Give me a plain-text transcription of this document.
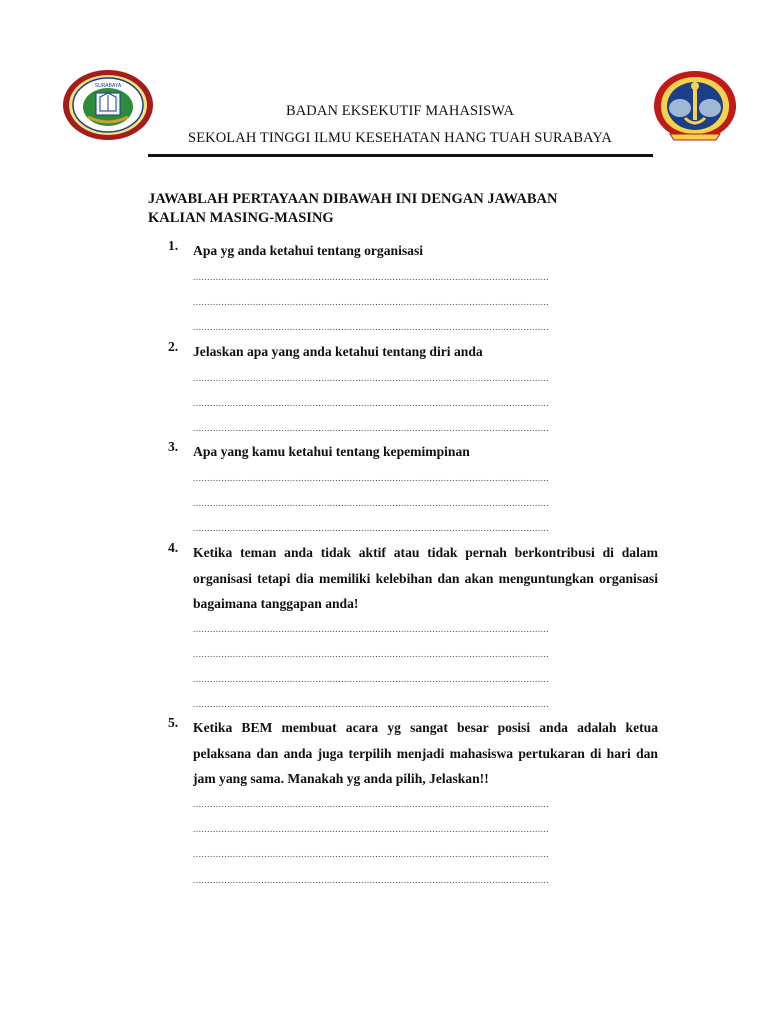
SURABAYA
BADAN EKSEKUTIF MAHASISWA
SEKOLAH TINGGI ILMU KESEHATAN HANG TUAH SURABAYA
JAWABLAH PERTAYAAN DIBAWAH INI DENGAN JAWABAN
KALIAN MASING-MASING
1.	Apa yg anda ketahui tentang organisasi
.............................................................................................................................
.............................................................................................................................
.............................................................................................................................
2.	Jelaskan apa yang anda ketahui tentang diri anda
.............................................................................................................................
.............................................................................................................................
.............................................................................................................................
3.	Apa yang kamu ketahui tentang kepemimpinan
.............................................................................................................................
.............................................................................................................................
.............................................................................................................................
4.	Ketika teman anda tidak aktif atau tidak pernah berkontribusi di dalam organisasi tetapi dia memiliki kelebihan dan akan menguntungkan organisasi bagaimana tanggapan anda!
.............................................................................................................................
.............................................................................................................................
.............................................................................................................................
.............................................................................................................................
5.	Ketika BEM membuat acara yg sangat besar posisi anda adalah ketua pelaksana dan anda juga terpilih menjadi mahasiswa pertukaran di hari dan jam yang sama. Manakah yg anda pilih, Jelaskan!!
.............................................................................................................................
.............................................................................................................................
.............................................................................................................................
.............................................................................................................................
